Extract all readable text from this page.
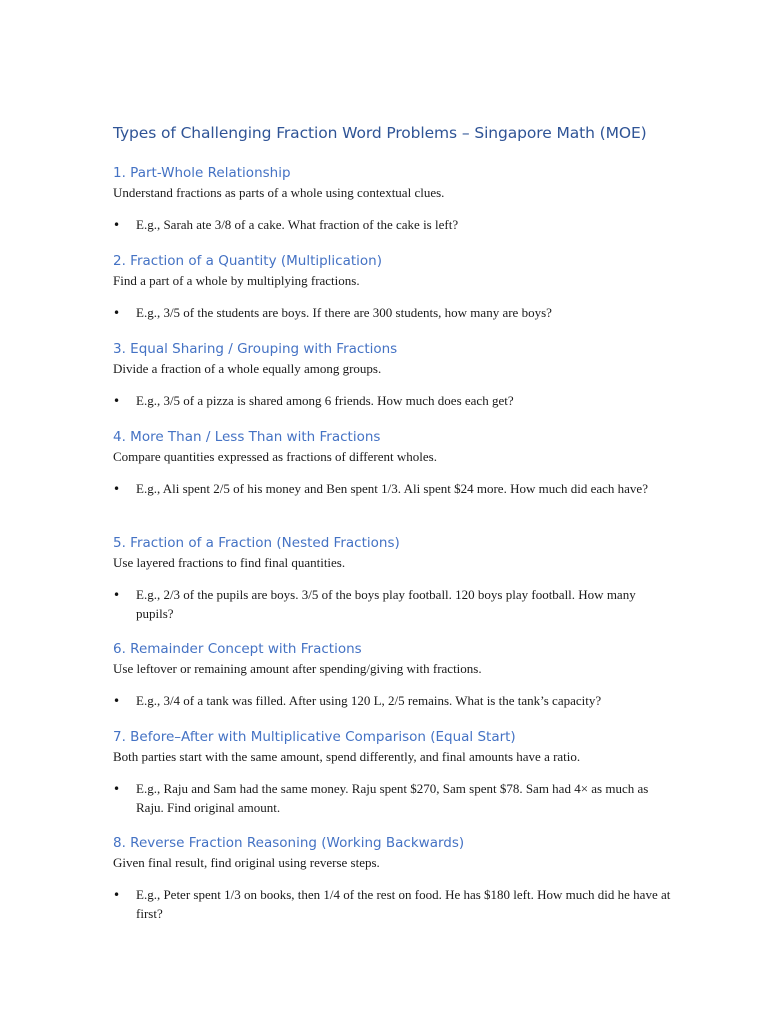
Types of Challenging Fraction Word Problems – Singapore Math (MOE)
1. Part-Whole Relationship

Understand fractions as parts of a whole using contextual clues.

• E.g., Sarah ate 3/8 of a cake. What fraction of the cake is left?
2. Fraction of a Quantity (Multiplication)

Find a part of a whole by multiplying fractions.

• E.g., 3/5 of the students are boys. If there are 300 students, how many are boys?
3. Equal Sharing / Grouping with Fractions

Divide a fraction of a whole equally among groups.

• E.g., 3/5 of a pizza is shared among 6 friends. How much does each get?
4. More Than / Less Than with Fractions

Compare quantities expressed as fractions of different wholes.

• E.g., Ali spent 2/5 of his money and Ben spent 1/3. Ali spent $24 more. How much did each have?
5. Fraction of a Fraction (Nested Fractions)

Use layered fractions to find final quantities.

• E.g., 2/3 of the pupils are boys. 3/5 of the boys play football. 120 boys play football. How many pupils?
6. Remainder Concept with Fractions

Use leftover or remaining amount after spending/giving with fractions.

• E.g., 3/4 of a tank was filled. After using 120 L, 2/5 remains. What is the tank’s capacity?
7. Before–After with Multiplicative Comparison (Equal Start)

Both parties start with the same amount, spend differently, and final amounts have a ratio.

• E.g., Raju and Sam had the same money. Raju spent $270, Sam spent $78. Sam had 4× as much as Raju. Find original amount.
8. Reverse Fraction Reasoning (Working Backwards)

Given final result, find original using reverse steps.

• E.g., Peter spent 1/3 on books, then 1/4 of the rest on food. He has $180 left. How much did he have at first?
